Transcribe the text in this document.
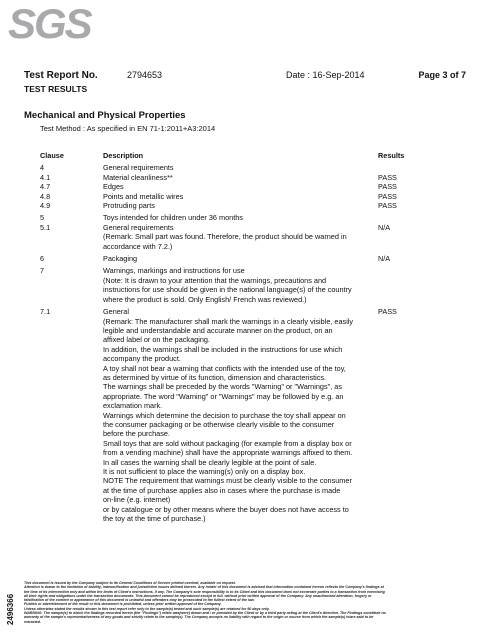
SGS
Test Report No.	2794653	Date : 16-Sep-2014	Page 3 of 7
TEST RESULTS
Mechanical and Physical Properties
Test Method : As specified in EN 71-1:2011+A3:2014
Clause	Description	Results
4	General requirements
4.1	Material cleanliness**	PASS
4.7	Edges	PASS
4.8	Points and metallic wires	PASS
4.9	Protruding parts	PASS
5	Toys intended for children under 36 months
5.1	General requirements	N/A
(Remark: Small part was found. Therefore, the product should be warned in
accordance with 7.2.)
6	Packaging	N/A
7	Warnings, markings and instructions for use
(Note: It is drawn to your attention that the warnings, precautions and
instructions for use should be given in the national language(s) of the country
where the product is sold. Only English/ French was reviewed.)
7.1	General	PASS
(Remark: The manufacturer shall mark the warnings in a clearly visible, easily
legible and understandable and accurate manner on the product, on an
affixed label or on the packaging.
In addition, the warnings shall be included in the instructions for use which
accompany the product.
A toy shall not bear a warning that conflicts with the intended use of the toy,
as determined by virtue of its function, dimension and characteristics.
The warnings shall be preceded by the words "Warning" or "Warnings", as
appropriate. The word "Warning" or "Warnings" may be followed by e.g. an
exclamation mark.
Warnings which determine the decision to purchase the toy shall appear on
the consumer packaging or be otherwise clearly visible to the consumer
before the purchase.
Small toys that are sold without packaging (for example from a display box or
from a vending machine) shall have the appropriate warnings affixed to them.
In all cases the warning shall be clearly legible at the point of sale.
It is not sufficient to place the warning(s) only on a display box.
NOTE The requirement that warnings must be clearly visible to the consumer
at the time of purchase applies also in cases where the purchase is made
on-line (e.g. internet)
or by catalogue or by other means where the buyer does not have access to
the toy at the time of purchase.)
This document is issued by the Company subject to its General Conditions of Service printed overleaf, available on request.
Attention is drawn to the limitation of liability, indemnification and jurisdiction issues defined therein. Any holder of this document is advised that information contained hereon reflects the Company's findings at
the time of its intervention only and within the limits of Client's instructions, if any. The Company's sole responsibility is to its Client and this document does not exonerate parties to a transaction from exercising
all their rights and obligations under the transaction documents. This document cannot be reproduced except in full, without prior written approval of the Company. Any unauthorized alteration, forgery or
falsification of the content or appearance of this document is unlawful and offenders may be prosecuted to the fullest extent of the law.
Publish or advertisement of the result or this document is prohibited, unless prior written approval of the Company.
Unless otherwise stated the results shown in this test report refer only to the sample(s) tested and such sample(s) are retained for 90 days only.
WARNING: The sample(s) to which the findings recorded herein (the "Findings") relate was(were) drawn and / or provided by the Client or by a third party acting at the Client's direction. The Findings constitute no
warranty of the sample's representativeness of any goods and strictly relate to the sample(s). The Company accepts no liability with regard to the origin or source from which the sample(s) is/are said to be
extracted.
2496366
